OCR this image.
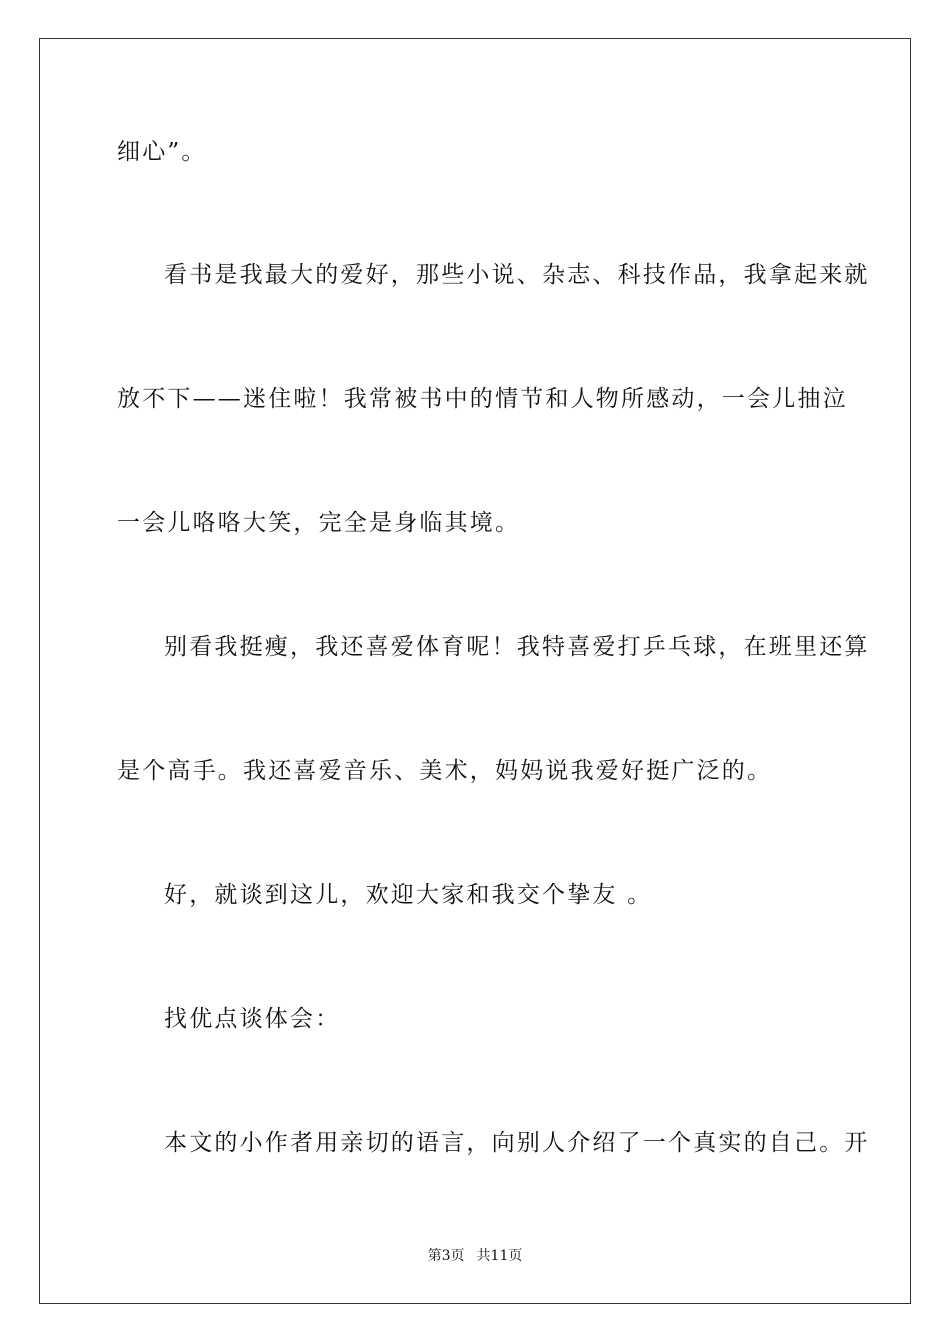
细心”。
看书是我最大的爱好，那些小说、杂志、科技作品，我拿起来就
放不下——迷住啦！我常被书中的情节和人物所感动，一会儿抽泣
一会儿咯咯大笑，完全是身临其境。
别看我挺瘦，我还喜爱体育呢！我特喜爱打乒乓球，在班里还算
是个高手。我还喜爱音乐、美术，妈妈说我爱好挺广泛的。
好，就谈到这儿，欢迎大家和我交个挚友 。
找优点谈体会：
本文的小作者用亲切的语言，向别人介绍了一个真实的自己。开
第3页 共11页
